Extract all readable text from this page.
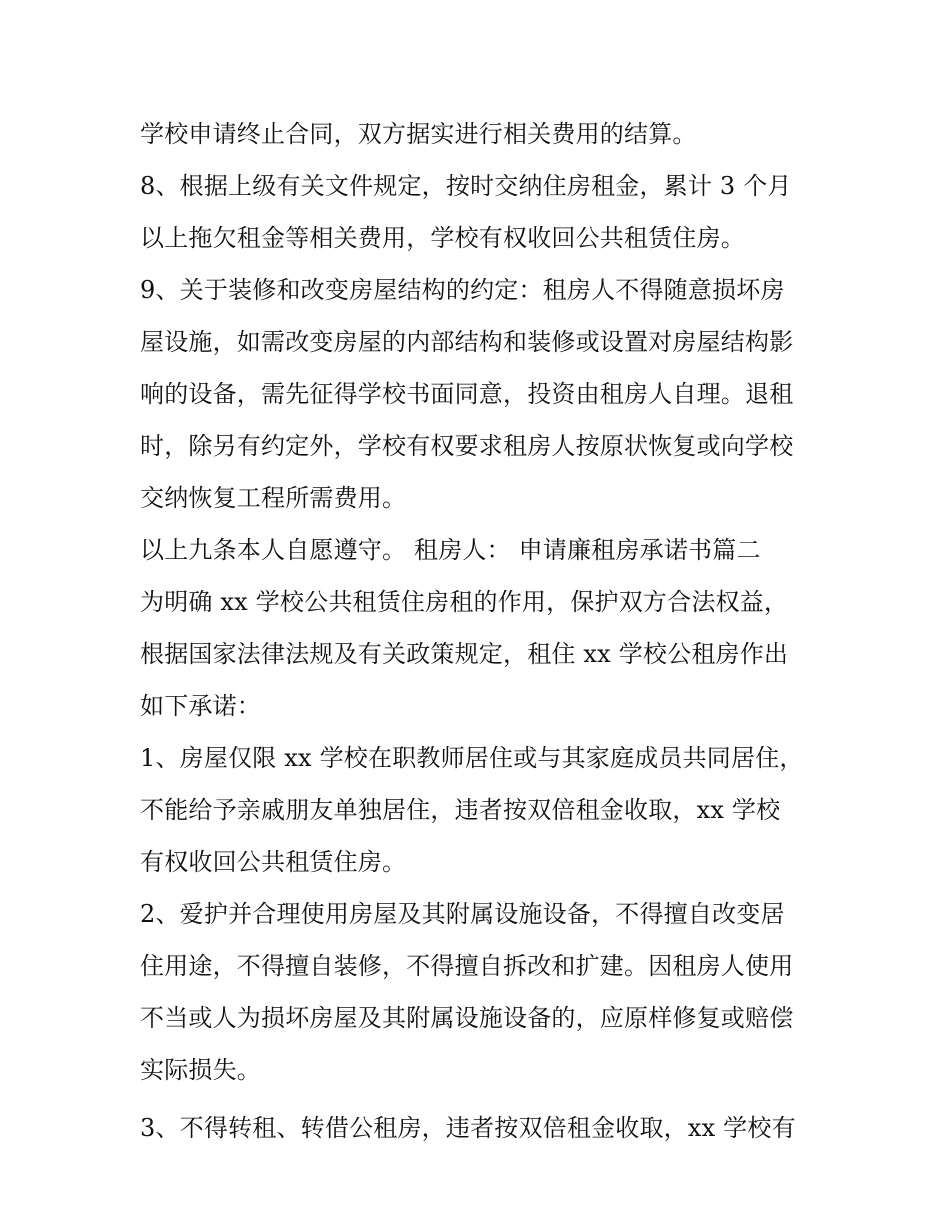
学校申请终止合同，双方据实进行相关费用的结算。
8、根据上级有关文件规定，按时交纳住房租金，累计 3 个月
以上拖欠租金等相关费用，学校有权收回公共租赁住房。
9、关于装修和改变房屋结构的约定：租房人不得随意损坏房
屋设施，如需改变房屋的内部结构和装修或设置对房屋结构影
响的设备，需先征得学校书面同意，投资由租房人自理。退租
时，除另有约定外，学校有权要求租房人按原状恢复或向学校
交纳恢复工程所需费用。
以上九条本人自愿遵守。 租房人： 申请廉租房承诺书篇二
为明确 xx 学校公共租赁住房租的作用，保护双方合法权益，
根据国家法律法规及有关政策规定，租住 xx 学校公租房作出
如下承诺：
1、房屋仅限 xx 学校在职教师居住或与其家庭成员共同居住，
不能给予亲戚朋友单独居住，违者按双倍租金收取，xx 学校
有权收回公共租赁住房。
2、爱护并合理使用房屋及其附属设施设备，不得擅自改变居
住用途，不得擅自装修，不得擅自拆改和扩建。因租房人使用
不当或人为损坏房屋及其附属设施设备的，应原样修复或赔偿
实际损失。
3、不得转租、转借公租房，违者按双倍租金收取，xx 学校有
